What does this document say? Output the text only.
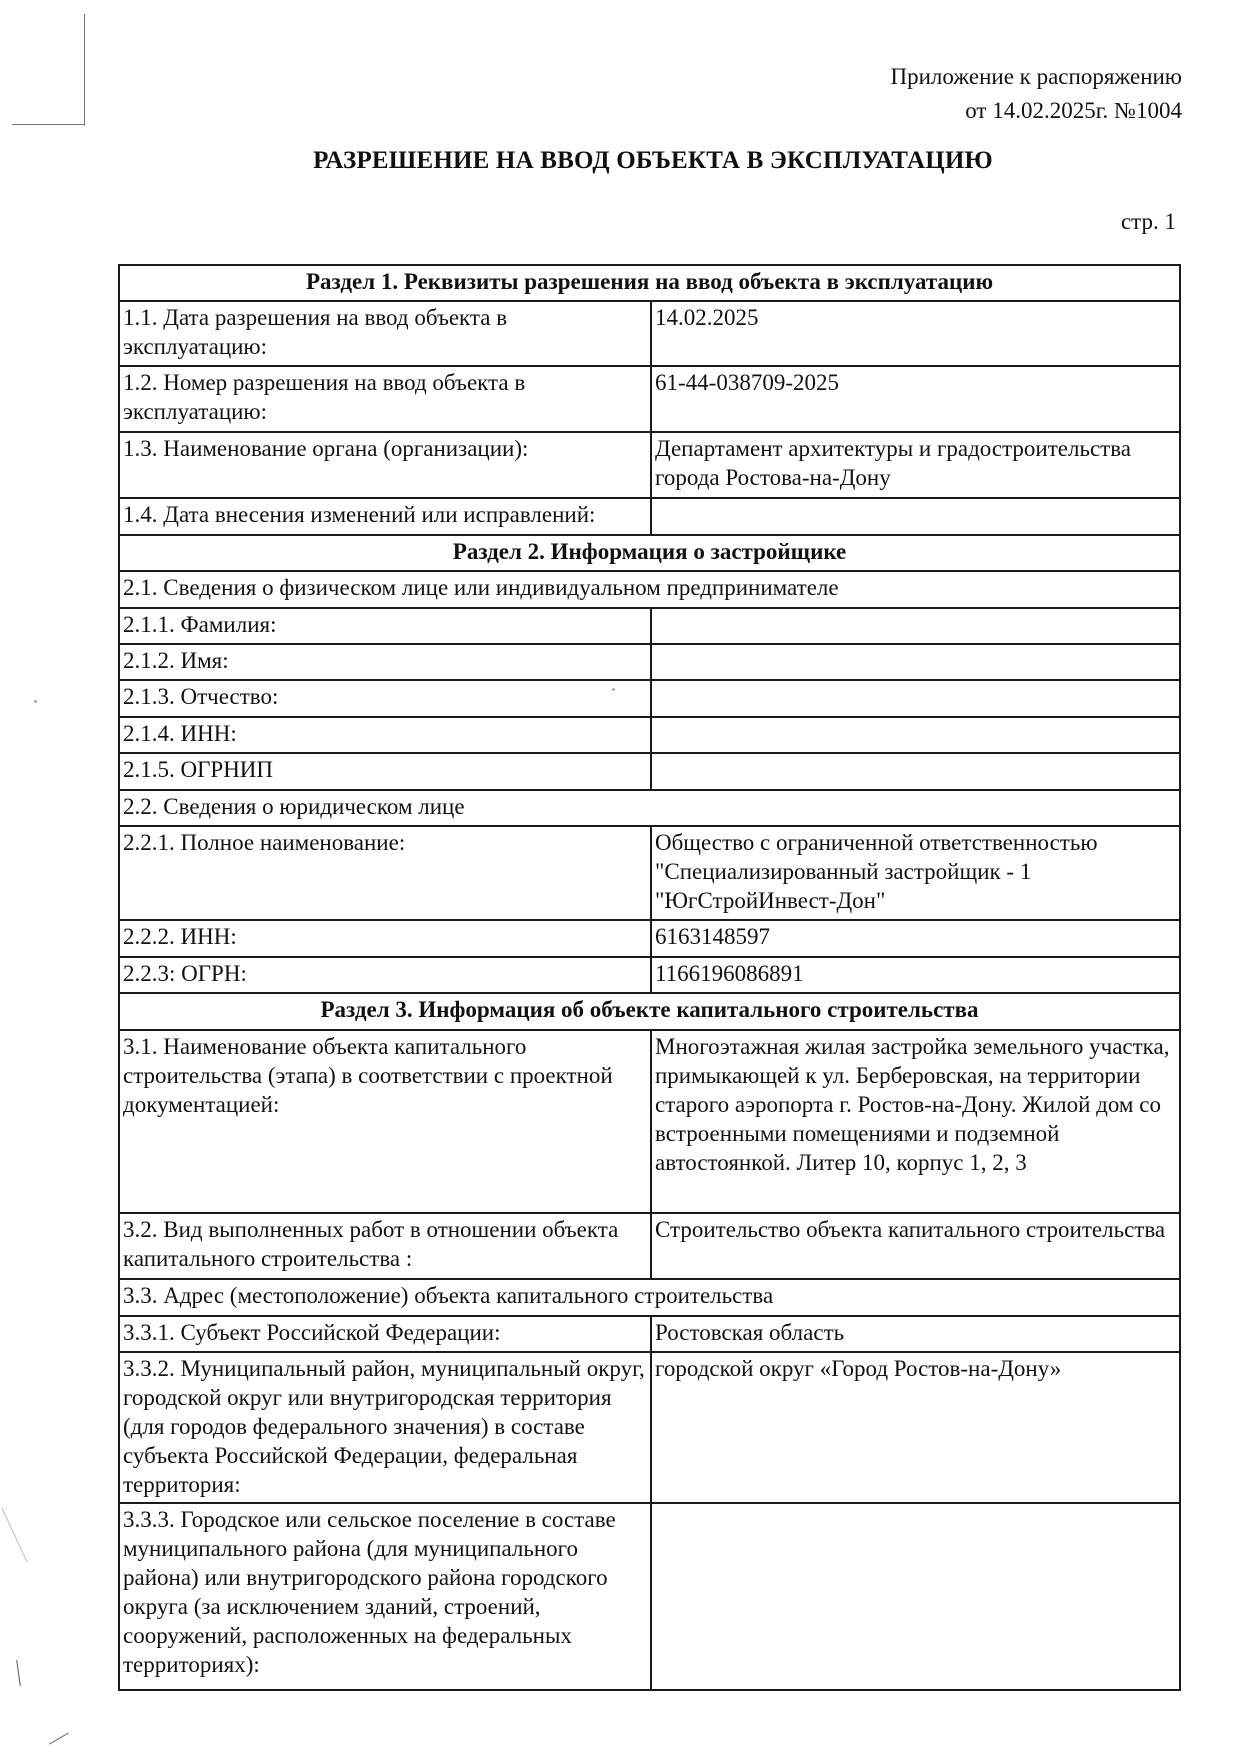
Приложение к распоряжению
от 14.02.2025г. №1004
РАЗРЕШЕНИЕ НА ВВОД ОБЪЕКТА В ЭКСПЛУАТАЦИЮ
стр. 1
Раздел 1. Реквизиты разрешения на ввод объекта в эксплуатацию	
1.1. Дата разрешения на ввод объекта в эксплуатацию:	14.02.2025
1.2. Номер разрешения на ввод объекта в эксплуатацию:	61-44-038709-2025
1.3. Наименование органа (организации):	Департамент архитектуры и градостроительства города Ростова-на-Дону
1.4. Дата внесения изменений или исправлений:	
Раздел 2. Информация о застройщике	
2.1. Сведения о физическом лице или индивидуальном предпринимателе	
2.1.1. Фамилия:	
2.1.2. Имя:	
2.1.3. Отчество:	
2.1.4. ИНН:	
2.1.5. ОГРНИП	
2.2. Сведения о юридическом лице	
2.2.1. Полное наименование:	Общество с ограниченной ответственностью "Специализированный застройщик - 1 "ЮгСтройИнвест-Дон"
2.2.2. ИНН:	6163148597
2.2.3: ОГРН:	1166196086891
Раздел 3. Информация об объекте капитального строительства	
3.1. Наименование объекта капитального строительства (этапа) в соответствии с проектной документацией:	Многоэтажная жилая застройка земельного участка, примыкающей к ул. Берберовская, на территории старого аэропорта г. Ростов-на-Дону. Жилой дом со встроенными помещениями и подземной автостоянкой. Литер 10, корпус 1, 2, 3
3.2. Вид выполненных работ в отношении объекта капитального строительства :	Строительство объекта капитального строительства
3.3. Адрес (местоположение) объекта капитального строительства	
3.3.1. Субъект Российской Федерации:	Ростовская область
3.3.2. Муниципальный район, муниципальный округ, городской округ или внутригородская территория (для городов федерального значения) в составе субъекта Российской Федерации, федеральная территория:	городской округ «Город Ростов-на-Дону»
3.3.3. Городское или сельское поселение в составе муниципального района (для муниципального района) или внутригородского района городского округа (за исключением зданий, строений, сооружений, расположенных на федеральных территориях):	
